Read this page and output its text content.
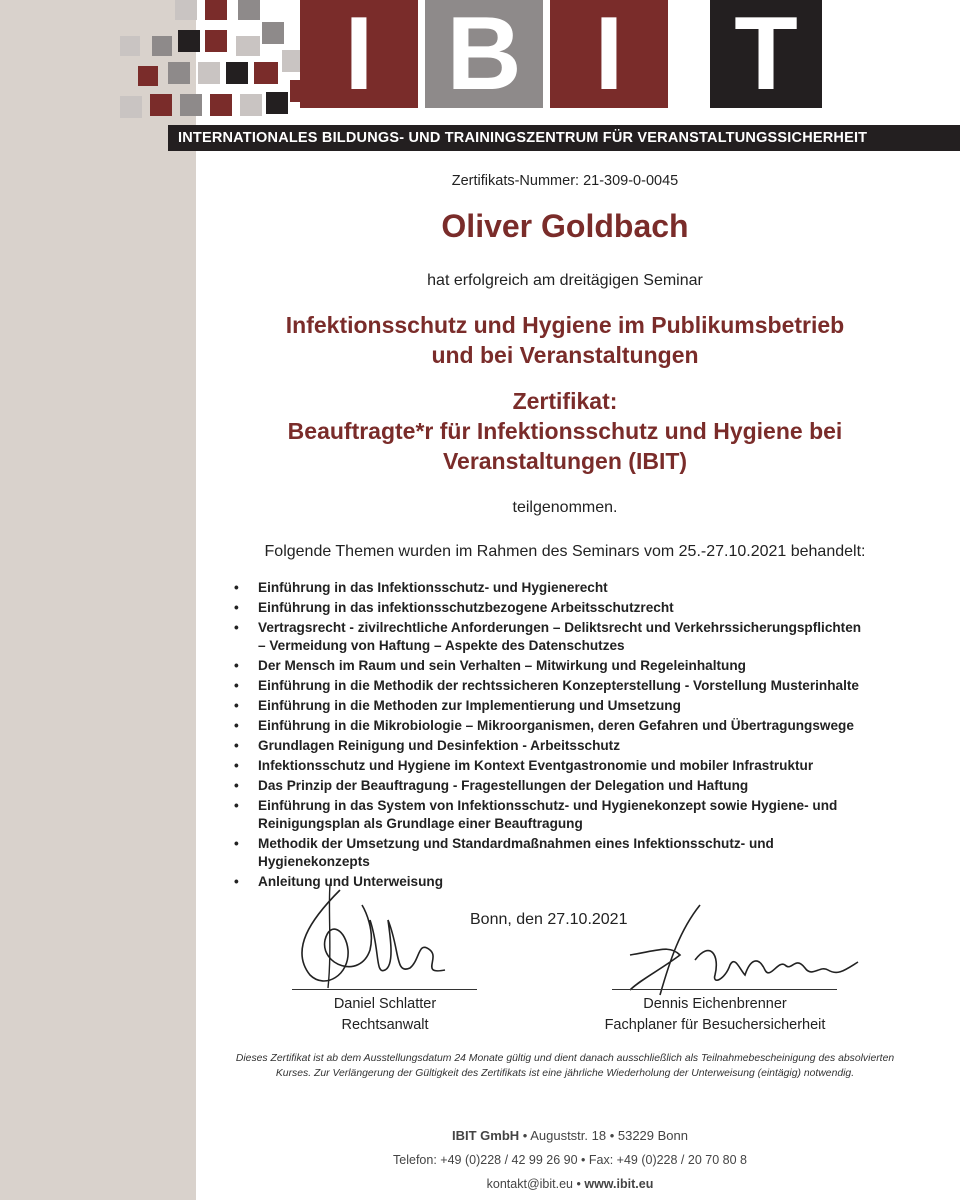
I B I	T
INTERNATIONALES BILDUNGS- UND TRAININGSZENTRUM FÜR VERANSTALTUNGSSICHERHEIT
Zertifikats-Nummer: 21-309-0-0045
Oliver Goldbach
hat erfolgreich am dreitägigen Seminar
Infektionsschutz und Hygiene im Publikumsbetrieb
und bei Veranstaltungen
Zertifikat:
Beauftragte*r für Infektionsschutz und Hygiene bei
Veranstaltungen (IBIT)
teilgenommen.
Folgende Themen wurden im Rahmen des Seminars vom 25.-27.10.2021 behandelt:
• Einführung in das Infektionsschutz- und Hygienerecht
• Einführung in das infektionsschutzbezogene Arbeitsschutzrecht
• Vertragsrecht - zivilrechtliche Anforderungen – Deliktsrecht und Verkehrssicherungspflichten
– Vermeidung von Haftung – Aspekte des Datenschutzes
• Der Mensch im Raum und sein Verhalten – Mitwirkung und Regeleinhaltung
• Einführung in die Methodik der rechtssicheren Konzepterstellung - Vorstellung Musterinhalte
• Einführung in die Methoden zur Implementierung und Umsetzung
• Einführung in die Mikrobiologie – Mikroorganismen, deren Gefahren und Übertragungswege
• Grundlagen Reinigung und Desinfektion - Arbeitsschutz
• Infektionsschutz und Hygiene im Kontext Eventgastronomie und mobiler Infrastruktur
• Das Prinzip der Beauftragung - Fragestellungen der Delegation und Haftung
• Einführung in das System von Infektionsschutz- und Hygienekonzept sowie Hygiene- und
Reinigungsplan als Grundlage einer Beauftragung
• Methodik der Umsetzung und Standardmaßnahmen eines Infektionsschutz- und
Hygienekonzepts
• Anleitung und Unterweisung
Bonn, den 27.10.2021
Daniel Schlatter
Rechtsanwalt
Dennis Eichenbrenner
Fachplaner für Besuchersicherheit
Dieses Zertifikat ist ab dem Ausstellungsdatum 24 Monate gültig und dient danach ausschließlich als Teilnahmebescheinigung des absolvierten Kurses. Zur Verlängerung der Gültigkeit des Zertifikats ist eine jährliche Wiederholung der Unterweisung (eintägig) notwendig.
IBIT GmbH • Auguststr. 18 • 53229 Bonn
Telefon: +49 (0)228 / 42 99 26 90 • Fax: +49 (0)228 / 20 70 80 8
kontakt@ibit.eu • www.ibit.eu
